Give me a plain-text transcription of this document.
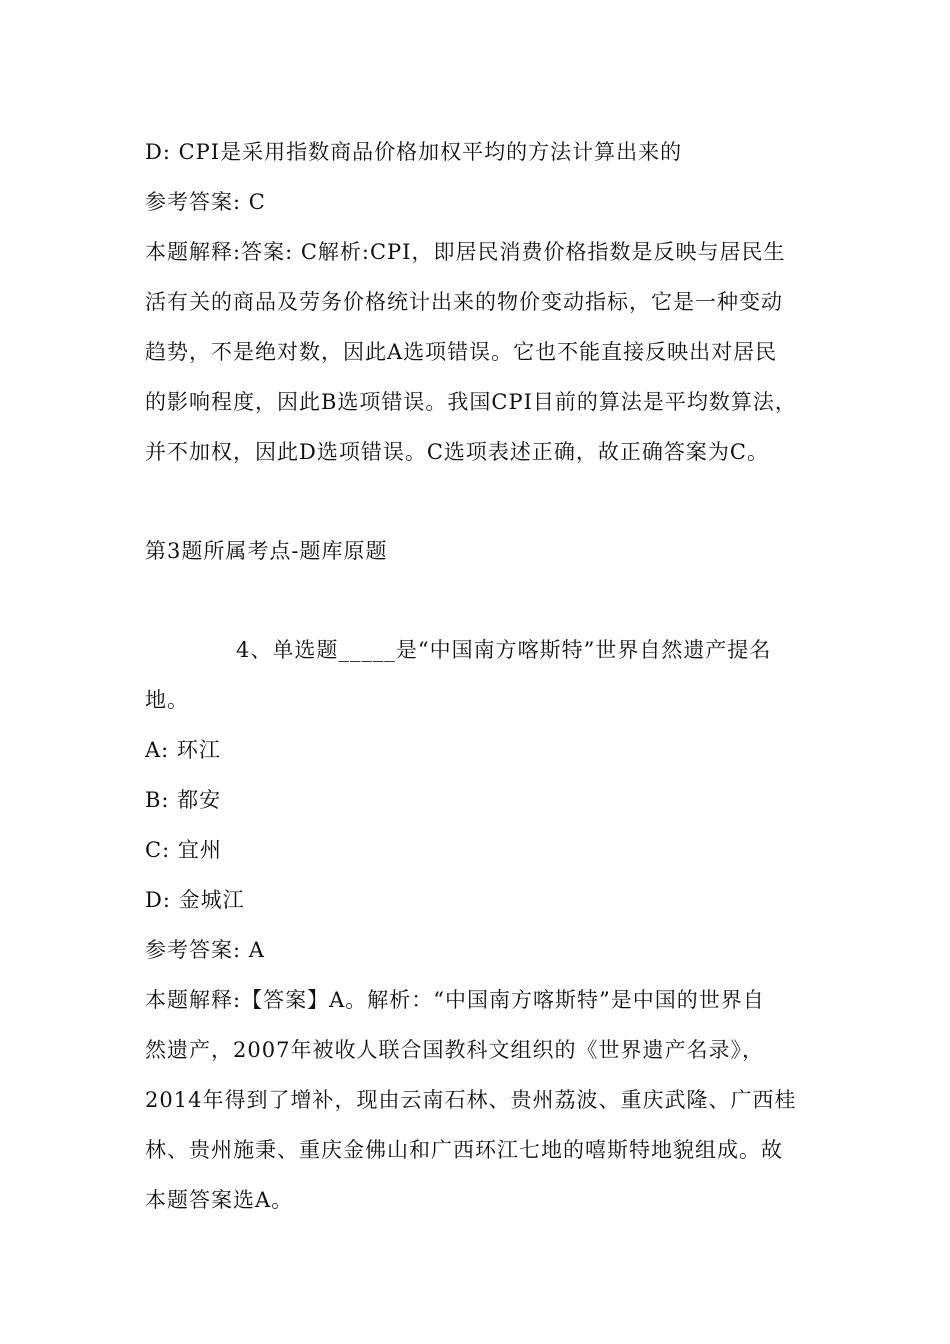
D: CPI是采用指数商品价格加权平均的方法计算出来的
参考答案: C
本题解释:答案: C解析:CPI，即居民消费价格指数是反映与居民生
活有关的商品及劳务价格统计出来的物价变动指标，它是一种变动
趋势，不是绝对数，因此A选项错误。它也不能直接反映出对居民
的影响程度，因此B选项错误。我国CPI目前的算法是平均数算法，
并不加权，因此D选项错误。C选项表述正确，故正确答案为C。
第3题所属考点-题库原题
4、单选题_____是“中国南方喀斯特”世界自然遗产提名
地。
A: 环江
B: 都安
C: 宜州
D: 金城江
参考答案: A
本题解释:【答案】A。解析：“中国南方喀斯特”是中国的世界自
然遗产，2007年被收人联合国教科文组织的《世界遗产名录》，
2014年得到了增补，现由云南石林、贵州荔波、重庆武隆、广西桂
林、贵州施秉、重庆金佛山和广西环江七地的嘻斯特地貌组成。故
本题答案选A。
